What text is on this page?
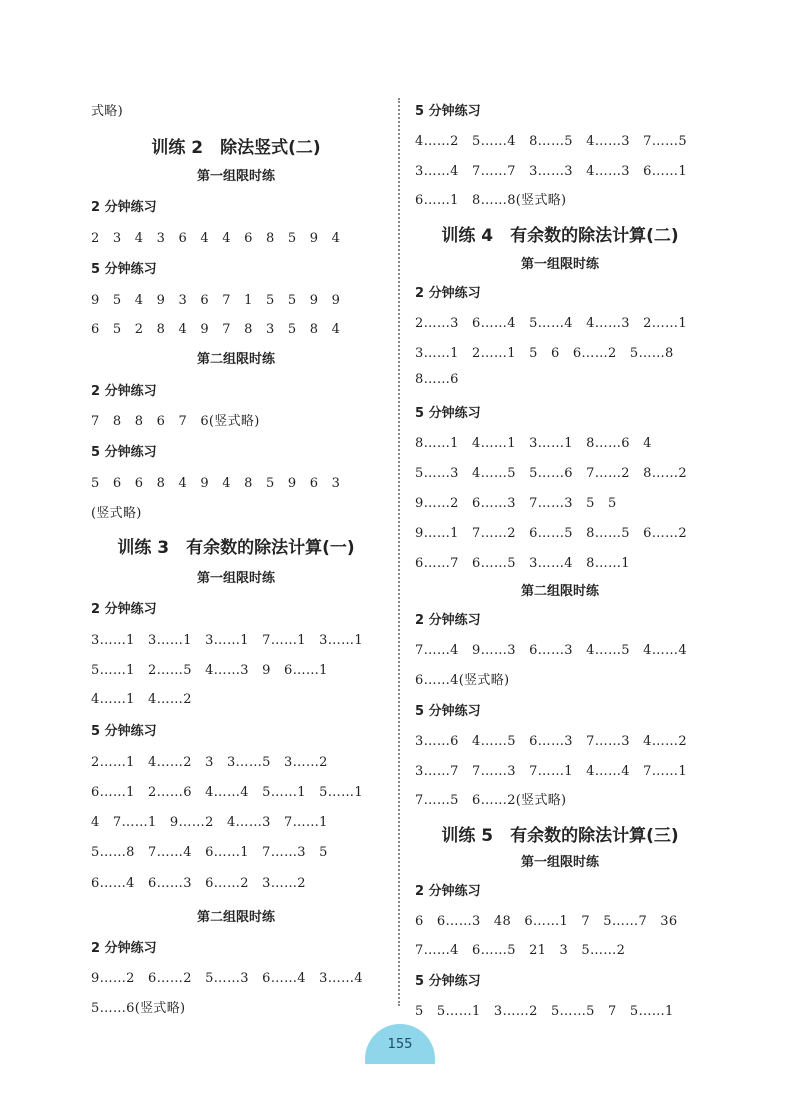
式略)
训练 2　除法竖式(二)
第一组限时练
2 分钟练习
2　3　4　3　6　4　4　6　8　5　9　4
5 分钟练习
9　5　4　9　3　6　7　1　5　5　9　9
6　5　2　8　4　9　7　8　3　5　8　4
第二组限时练
2 分钟练习
7　8　8　6　7　6(竖式略)
5 分钟练习
5　6　6　8　4　9　4　8　5　9　6　3
(竖式略)
训练 3　有余数的除法计算(一)
第一组限时练
2 分钟练习
3……1　3……1　3……1　7……1　3……1
5……1　2……5　4……3　9　6……1
4……1　4……2
5 分钟练习
2……1　4……2　3　3……5　3……2
6……1　2……6　4……4　5……1　5……1
4　7……1　9……2　4……3　7……1
5……8　7……4　6……1　7……3　5
6……4　6……3　6……2　3……2
第二组限时练
2 分钟练习
9……2　6……2　5……3　6……4　3……4
5……6(竖式略)
5 分钟练习
4……2　5……4　8……5　4……3　7……5
3……4　7……7　3……3　4……3　6……1
6……1　8……8(竖式略)
训练 4　有余数的除法计算(二)
第一组限时练
2 分钟练习
2……3　6……4　5……4　4……3　2……1
3……1　2……1　5　6　6……2　5……8
8……6
5 分钟练习
8……1　4……1　3……1　8……6　4
5……3　4……5　5……6　7……2　8……2
9……2　6……3　7……3　5　5
9……1　7……2　6……5　8……5　6……2
6……7　6……5　3……4　8……1
第二组限时练
2 分钟练习
7……4　9……3　6……3　4……5　4……4
6……4(竖式略)
5 分钟练习
3……6　4……5　6……3　7……3　4……2
3……7　7……3　7……1　4……4　7……1
7……5　6……2(竖式略)
训练 5　有余数的除法计算(三)
第一组限时练
2 分钟练习
6　6……3　48　6……1　7　5……7　36
7……4　6……5　21　3　5……2
5 分钟练习
5　5……1　3……2　5……5　7　5……1
155
